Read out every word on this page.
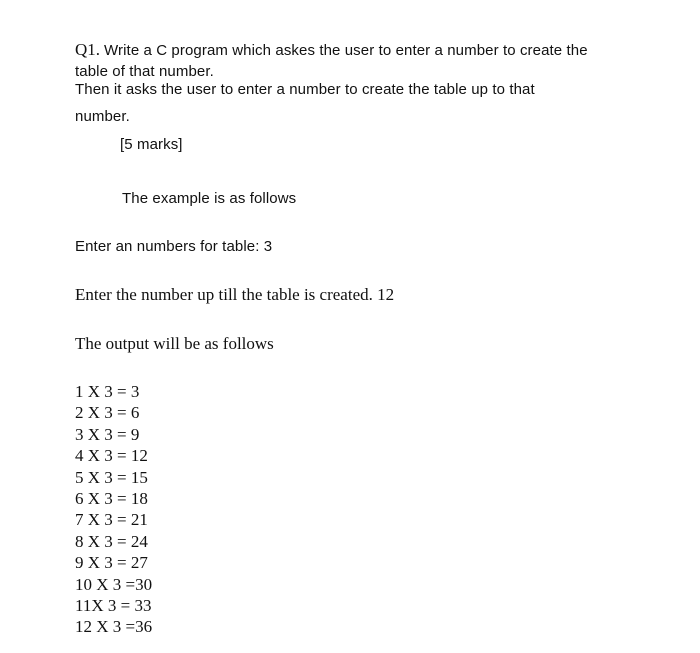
Q1. Write a C program which askes the user to enter a number to create the
table of that number.
Then it asks the user to enter a number to create the table up to that
number.
[5 marks]
The example is as follows
Enter an numbers for table: 3
Enter the number up till the table is created. 12
The output will be as follows
1 X 3 = 3
2 X 3 = 6
3 X 3 = 9
4 X 3 = 12
5 X 3 = 15
6 X 3 = 18
7 X 3 = 21
8 X 3 = 24
9 X 3 = 27
10 X 3 =30
11X 3 = 33
12 X 3 =36
